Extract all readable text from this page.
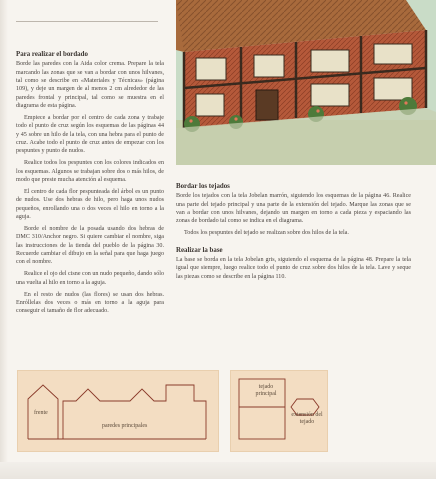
Para realizar el bordado

Borde las paredes con la Aida color crema. Prepare la tela marcando las zonas que se van a bordar con unos hilvanes, tal como se describe en «Materiales y Técnicas» (página 109), y deje un margen de al menos 2 cm alrededor de las paredes frontal y principal, tal como se muestra en el diagrama de esta página.

Empiece a bordar por el centro de cada zona y trabaje todo el punto de cruz según los esquemas de las páginas 44 y 45 sobre un hilo de la tela, con una hebra para el punto de cruz. Acabe todo el punto de cruz antes de empezar con los pespuntes y punto de nudos.

Realice todos los pespuntes con los colores indicados en los esquemas. Algunos se trabajan sobre dos o más hilos, de modo que preste mucha atención al esquema.

El centro de cada flor pespunteada del árbol es un punto de nudos. Use dos hebras de hilo, pero haga unos nudos pequeños, enrollando una o dos veces el hilo en torno a la aguja.

Borde el nombre de la posada usando dos hebras de DMC 310/Anchor negro. Si quiere cambiar el nombre, siga las instrucciones de la tienda del pueblo de la página 30. Recuerde cambiar el dibujo en la señal para que haga juego con el nombre.

Realice el ojo del cisne con un nudo pequeño, dando sólo una vuelta al hilo en torno a la aguja.

En el resto de nudos (las flores) se usan dos hebras. Enróllelas dos veces o más en torno a la aguja para conseguir el tamaño de flor adecuado.

Bordar los tejados

Borde los tejados con la tela Jobelan marrón, siguiendo los esquemas de la página 46. Realice una parte del tejado principal y una parte de la extensión del tejado. Marque las zonas que se van a bordar con unos hilvanes, dejando un margen en torno a cada pieza y espaciando las zonas de bordado tal como se indica en el diagrama.

Todos los pespuntes del tejado se realizan sobre dos hilos de la tela.

Realizar la base

La base se borda en la tela Jobelan gris, siguiendo el esquema de la página 48. Prepare la tela igual que siempre, luego realice todo el punto de cruz sobre dos hilos de la tela. Lave y seque las piezas como se describe en la página 110.

frente
paredes principales
tejado principal
extensión del tejado
